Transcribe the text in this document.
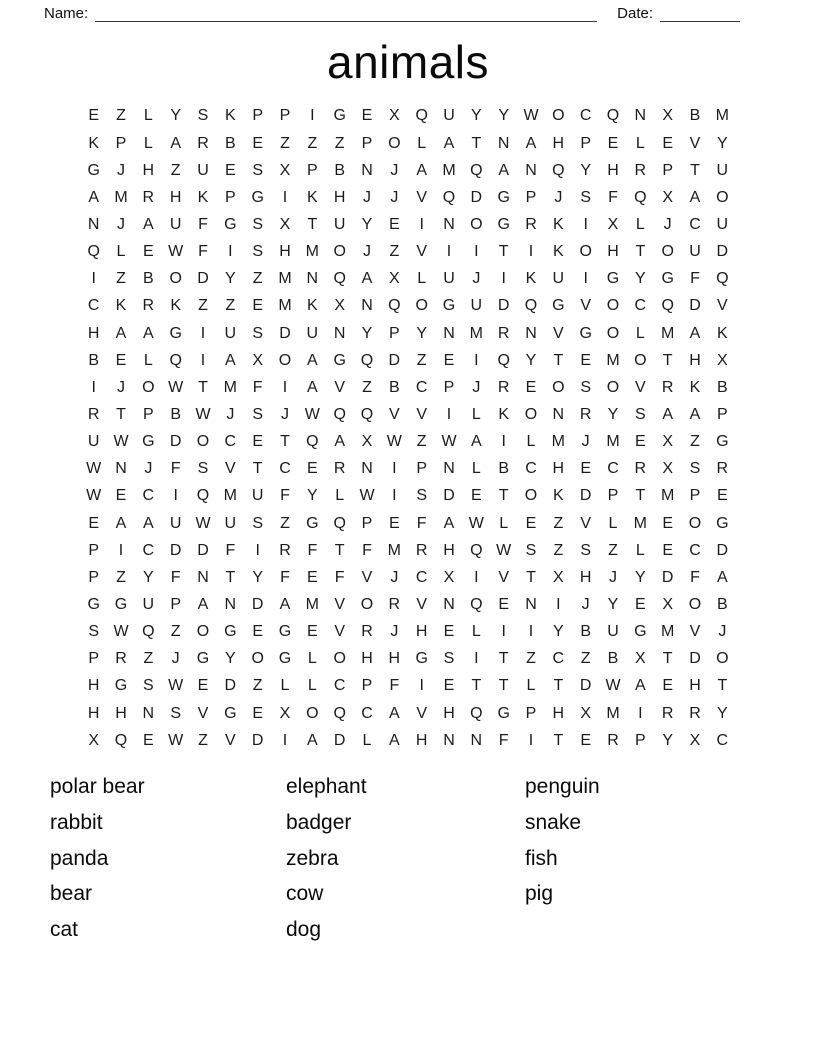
Name:	Date:
animals
E	Z	L	Y	S	K	P	P	I	G E	X Q U	Y	Y W O C Q N	X	B M
K	P	L	A	R	B	E	Z	Z	Z	P O	L	A	T	N	A	H	P	E	L	E	V	Y
G	J	H	Z	U	E	S	X	P	B	N	J	A M Q A	N Q Y	H R	P	T	U
A M R H	K	P G	I	K	H	J	J	V Q D G P	J	S	F	Q X	A O
N	J	A	U	F	G S	X	T	U	Y	E	I	N O G R	K	I	X	L	J	C U
Q	L	E W F	I	S	H M O	J	Z	V	I	I	T	I	K O H	T	O U D
I	Z	B O D	Y	Z M N Q A	X	L	U	J	I	K	U	I	G Y G	F	Q
C	K	R	K	Z	Z	E M K	X	N Q O G U D Q G V O C Q D	V
H	A	A G	I	U	S	D U N	Y	P	Y	N M R N	V G O	L	M A	K
B	E	L	Q	I	A	X O A G Q D	Z	E	I	Q Y	T	E M O	T	H	X
I	J	O W T M F	I	A	V	Z	B	C	P	J	R	E O S O V	R	K	B
R	T	P	B W J	S	J W Q Q V	V	I	L	K O N R	Y	S	A	A	P
U W G D O C	E	T	Q A	X W Z W A	I	L	M	J	M E	X	Z	G
W N	J	F	S	V	T	C	E	R N	I	P	N	L	B	C H	E	C R	X	S	R
W E	C	I	Q M U	F	Y	L W	I	S	D	E	T	O K	D	P	T M P	E
E	A	A	U W U	S	Z	G Q P	E	F	A W L	E	Z	V	L	M E O G
P	I	C D D	F	I	R	F	T	F M R H Q W S	Z	S	Z	L	E	C D
P	Z	Y	F	N	T	Y	F	E	F	V	J	C	X	I	V	T	X	H	J	Y	D	F	A
G G U	P	A	N D	A M V O R	V	N Q E	N	I	J	Y	E	X O B
S W Q	Z	O G E G E	V	R	J	H	E	L	I	I	Y	B	U G M V	J
P	R	Z	J	G Y O G	L	O H H G S	I	T	Z	C	Z	B	X	T	D O
H G S W E	D	Z	L	L	C	P	F	I	E	T	T	L	T	D W A	E	H	T
H H N	S	V G E	X O Q C	A	V	H Q G P	H	X M	I	R R	Y
X Q E W Z	V	D	I	A	D	L	A	H N N	F	I	T	E	R	P	Y	X	C
polar bear
rabbit
panda
bear
cat
elephant
badger
zebra
cow
dog
penguin
snake
fish
pig
